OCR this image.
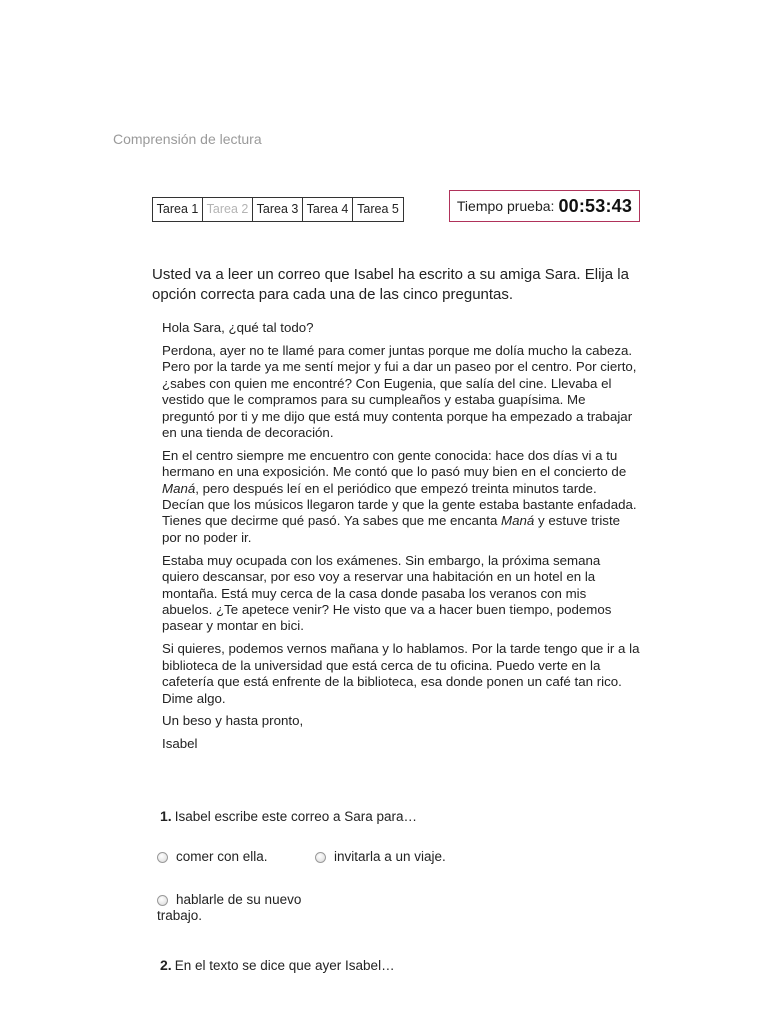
Comprensión de lectura
Tarea 1 Tarea 2 Tarea 3 Tarea 4 Tarea 5	Tiempo prueba: 00:53:43
Usted va a leer un correo que Isabel ha escrito a su amiga Sara. Elija la opción correcta para cada una de las cinco preguntas.

Hola Sara, ¿qué tal todo?

Perdona, ayer no te llamé para comer juntas porque me dolía mucho la cabeza. Pero por la tarde ya me sentí mejor y fui a dar un paseo por el centro. Por cierto, ¿sabes con quien me encontré? Con Eugenia, que salía del cine. Llevaba el vestido que le compramos para su cumpleaños y estaba guapísima. Me preguntó por ti y me dijo que está muy contenta porque ha empezado a trabajar en una tienda de decoración.

En el centro siempre me encuentro con gente conocida: hace dos días vi a tu hermano en una exposición. Me contó que lo pasó muy bien en el concierto de Maná, pero después leí en el periódico que empezó treinta minutos tarde. Decían que los músicos llegaron tarde y que la gente estaba bastante enfadada. Tienes que decirme qué pasó. Ya sabes que me encanta Maná y estuve triste por no poder ir.

Estaba muy ocupada con los exámenes. Sin embargo, la próxima semana quiero descansar, por eso voy a reservar una habitación en un hotel en la montaña. Está muy cerca de la casa donde pasaba los veranos con mis abuelos. ¿Te apetece venir? He visto que va a hacer buen tiempo, podemos pasear y montar en bici.

Si quieres, podemos vernos mañana y lo hablamos. Por la tarde tengo que ir a la biblioteca de la universidad que está cerca de tu oficina. Puedo verte en la cafetería que está enfrente de la biblioteca, esa donde ponen un café tan rico. Dime algo.

Un beso y hasta pronto,

Isabel

1. Isabel escribe este correo a Sara para…
comer con ella.	invitarla a un viaje.
hablarle de su nuevo trabajo.
2. En el texto se dice que ayer Isabel…
